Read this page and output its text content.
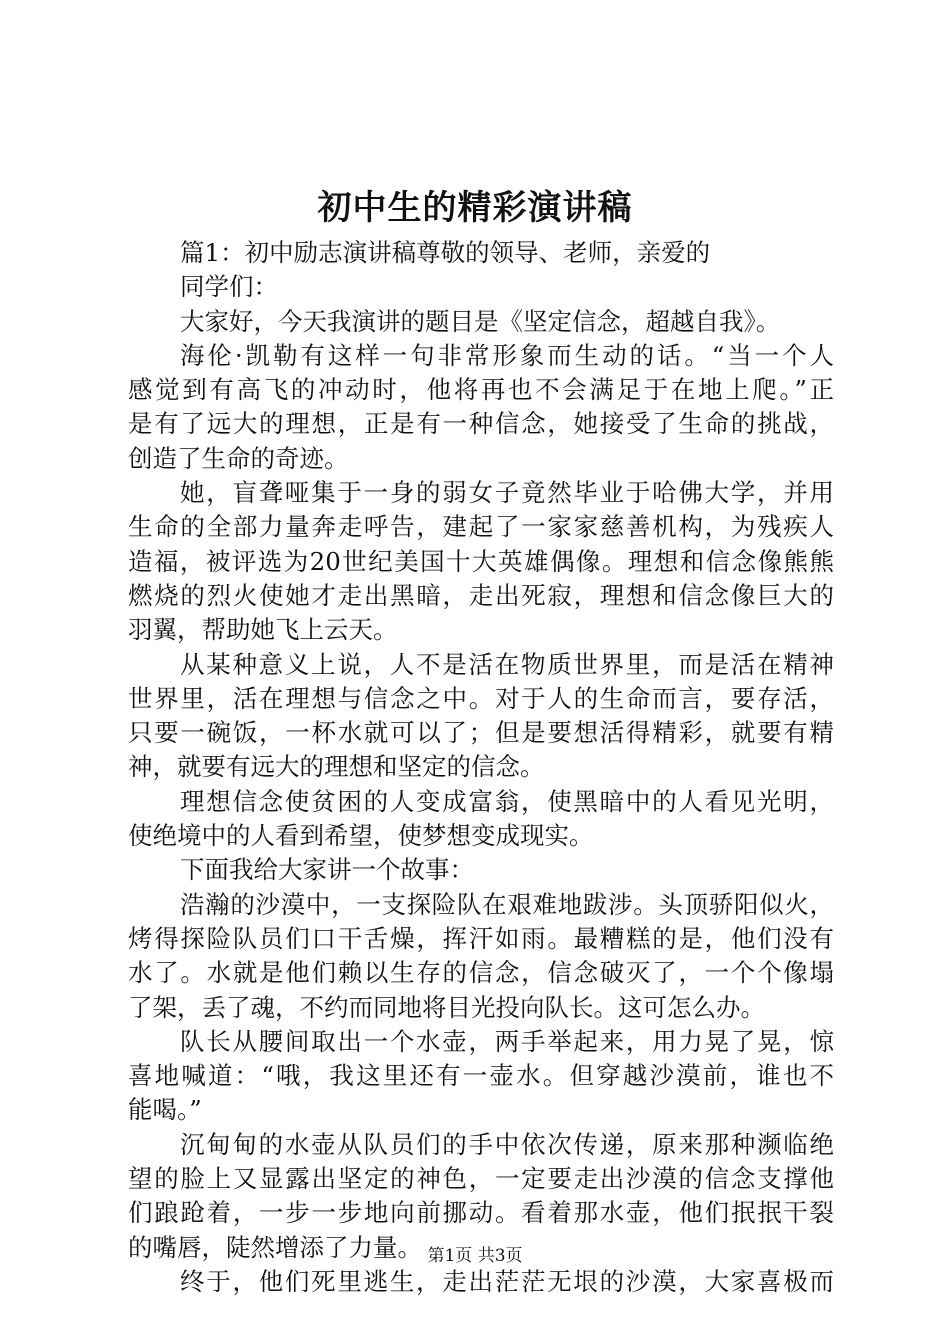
初中生的精彩演讲稿
篇1：初中励志演讲稿尊敬的领导、老师，亲爱的
同学们：
大家好，今天我演讲的题目是《坚定信念，超越自我》。
海伦·凯勒有这样一句非常形象而生动的话。“当一个人
感觉到有高飞的冲动时，他将再也不会满足于在地上爬。”正
是有了远大的理想，正是有一种信念，她接受了生命的挑战，
创造了生命的奇迹。
她，盲聋哑集于一身的弱女子竟然毕业于哈佛大学，并用
生命的全部力量奔走呼告，建起了一家家慈善机构，为残疾人
造福，被评选为20世纪美国十大英雄偶像。理想和信念像熊熊
燃烧的烈火使她才走出黑暗，走出死寂，理想和信念像巨大的
羽翼，帮助她飞上云天。
从某种意义上说，人不是活在物质世界里，而是活在精神
世界里，活在理想与信念之中。对于人的生命而言，要存活，
只要一碗饭，一杯水就可以了；但是要想活得精彩，就要有精
神，就要有远大的理想和坚定的信念。
理想信念使贫困的人变成富翁，使黑暗中的人看见光明，
使绝境中的人看到希望，使梦想变成现实。
下面我给大家讲一个故事：
浩瀚的沙漠中，一支探险队在艰难地跋涉。头顶骄阳似火，
烤得探险队员们口干舌燥，挥汗如雨。最糟糕的是，他们没有
水了。水就是他们赖以生存的信念，信念破灭了，一个个像塌
了架，丢了魂，不约而同地将目光投向队长。这可怎么办。
队长从腰间取出一个水壶，两手举起来，用力晃了晃，惊
喜地喊道：“哦，我这里还有一壶水。但穿越沙漠前，谁也不
能喝。”
沉甸甸的水壶从队员们的手中依次传递，原来那种濒临绝
望的脸上又显露出坚定的神色，一定要走出沙漠的信念支撑他
们踉跄着，一步一步地向前挪动。看着那水壶，他们抿抿干裂
的嘴唇，陡然增添了力量。
终于，他们死里逃生，走出茫茫无垠的沙漠，大家喜极而
第1页 共3页
